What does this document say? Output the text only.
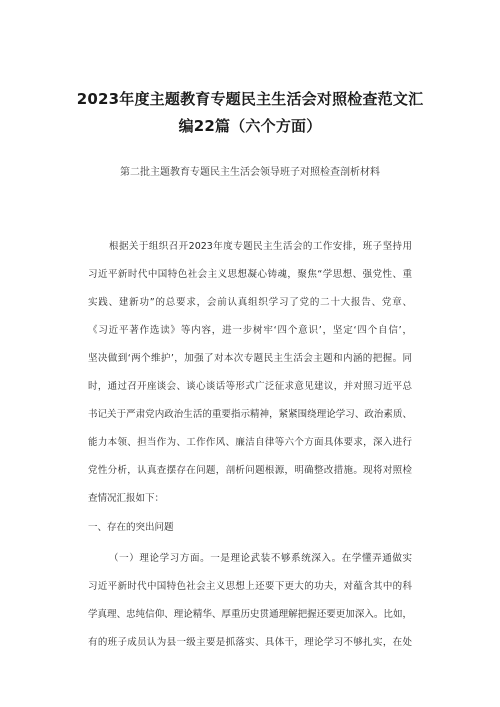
2023年度主题教育专题民主生活会对照检查范文汇
编22篇（六个方面）
第二批主题教育专题民主生活会领导班子对照检查剖析材料
根据关于组织召开2023年度专题民主生活会的工作安排，班子坚持用
习近平新时代中国特色社会主义思想凝心铸魂，聚焦“学思想、强党性、重
实践、建新功”的总要求，会前认真组织学习了党的二十大报告、党章、
《习近平著作选读》等内容，进一步树牢‘四个意识’，坚定‘四个自信’，
坚决做到‘两个维护’，加强了对本次专题民主生活会主题和内涵的把握。同
时，通过召开座谈会、谈心谈话等形式广泛征求意见建议，并对照习近平总
书记关于严肃党内政治生活的重要指示精神，紧紧围绕理论学习、政治素质、
能力本领、担当作为、工作作风、廉洁自律等六个方面具体要求，深入进行
党性分析，认真查摆存在问题，剖析问题根源，明确整改措施。现将对照检
查情况汇报如下：
一、存在的突出问题
（一）理论学习方面。一是理论武装不够系统深入。在学懂弄通做实
习近平新时代中国特色社会主义思想上还要下更大的功夫，对蕴含其中的科
学真理、忠纯信仰、理论精华、厚重历史贯通理解把握还要更加深入。比如，
有的班子成员认为县一级主要是抓落实、具体干，理论学习不够扎实，在处
